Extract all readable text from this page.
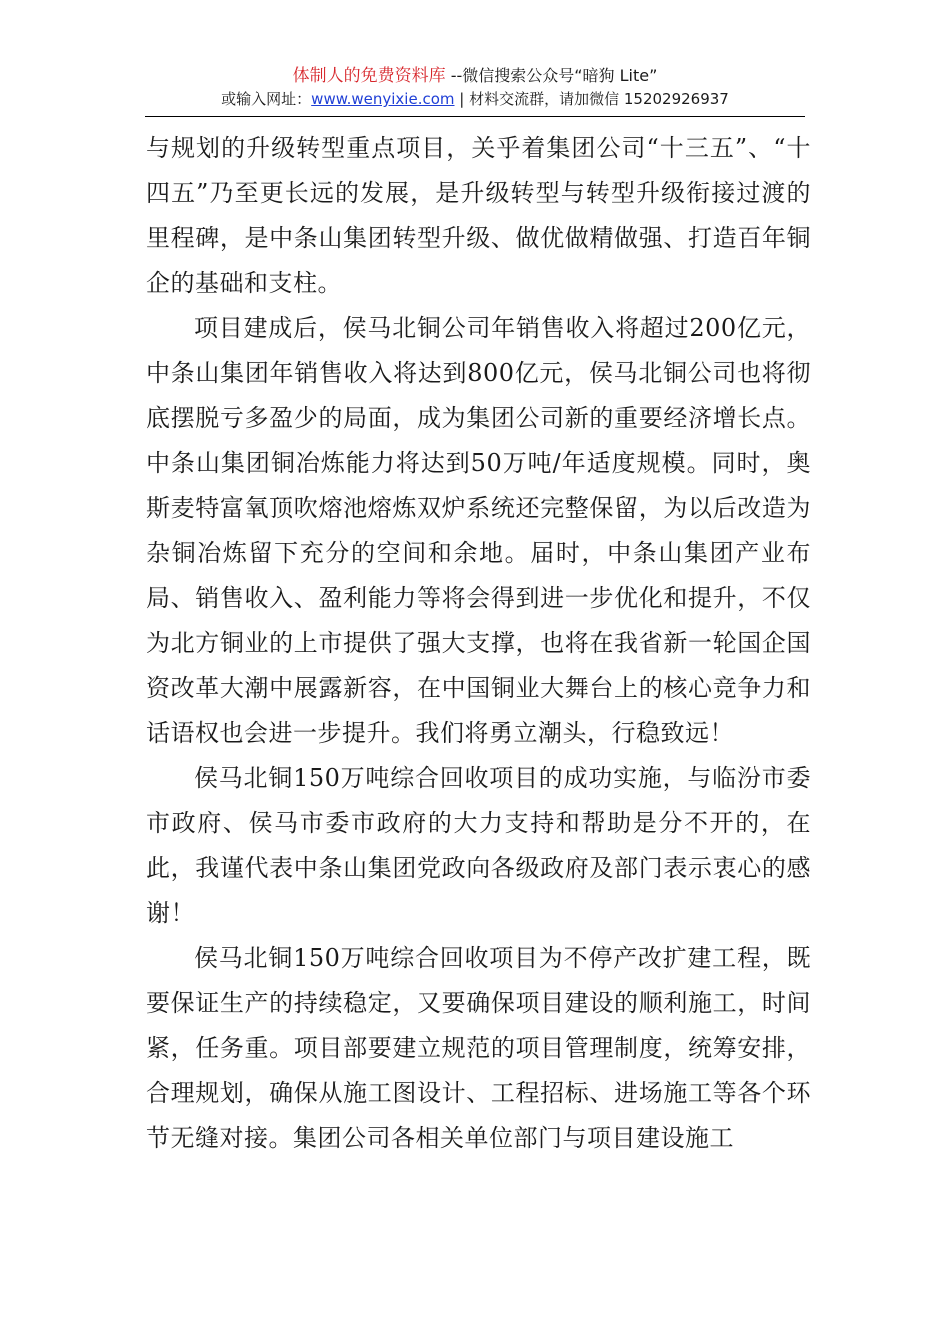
体制人的免费资料库 --微信搜索公众号“暗狗 Lite”
或输入网址：www.wenyixie.com | 材料交流群，请加微信 15202926937

与规划的升级转型重点项目，关乎着集团公司“十三五”、“十四五”乃至更长远的发展，是升级转型与转型升级衔接过渡的里程碑，是中条山集团转型升级、做优做精做强、打造百年铜企的基础和支柱。

项目建成后，侯马北铜公司年销售收入将超过200亿元，中条山集团年销售收入将达到800亿元，侯马北铜公司也将彻底摆脱亏多盈少的局面，成为集团公司新的重要经济增长点。中条山集团铜冶炼能力将达到50万吨/年适度规模。同时，奥斯麦特富氧顶吹熔池熔炼双炉系统还完整保留，为以后改造为杂铜冶炼留下充分的空间和余地。届时，中条山集团产业布局、销售收入、盈利能力等将会得到进一步优化和提升，不仅为北方铜业的上市提供了强大支撑，也将在我省新一轮国企国资改革大潮中展露新容，在中国铜业大舞台上的核心竞争力和话语权也会进一步提升。我们将勇立潮头，行稳致远！

侯马北铜150万吨综合回收项目的成功实施，与临汾市委市政府、侯马市委市政府的大力支持和帮助是分不开的，在此，我谨代表中条山集团党政向各级政府及部门表示衷心的感谢！

侯马北铜150万吨综合回收项目为不停产改扩建工程，既要保证生产的持续稳定，又要确保项目建设的顺利施工，时间紧，任务重。项目部要建立规范的项目管理制度，统筹安排，合理规划，确保从施工图设计、工程招标、进场施工等各个环节无缝对接。集团公司各相关单位部门与项目建设施工
